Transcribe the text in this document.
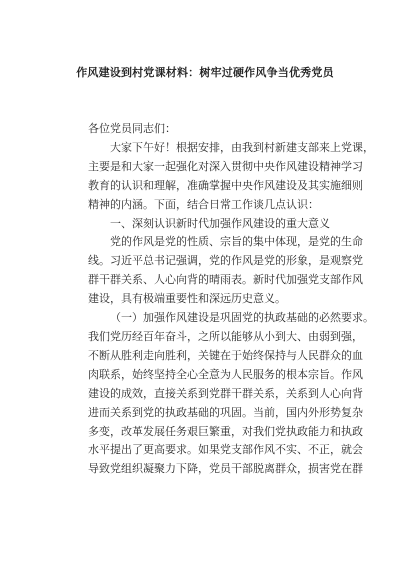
作风建设到村党课材料：树牢过硬作风争当优秀党员

各位党员同志们：

大家下午好！根据安排，由我到村新建支部来上党课，
主要是和大家一起强化对深入贯彻中央作风建设精神学习
教育的认识和理解，准确掌握中央作风建设及其实施细则
精神的内涵。下面，结合日常工作谈几点认识：

一、深刻认识新时代加强作风建设的重大意义

党的作风是党的性质、宗旨的集中体现，是党的生命
线。习近平总书记强调，党的作风是党的形象，是观察党
群干群关系、人心向背的晴雨表。新时代加强党支部作风
建设，具有极端重要性和深远历史意义。

（一）加强作风建设是巩固党的执政基础的必然要求。
我们党历经百年奋斗，之所以能够从小到大、由弱到强，
不断从胜利走向胜利，关键在于始终保持与人民群众的血
肉联系，始终坚持全心全意为人民服务的根本宗旨。作风
建设的成效，直接关系到党群干群关系，关系到人心向背
进而关系到党的执政基础的巩固。当前，国内外形势复杂
多变，改革发展任务艰巨繁重，对我们党执政能力和执政
水平提出了更高要求。如果党支部作风不实、不正，就会
导致党组织凝聚力下降，党员干部脱离群众，损害党在群
